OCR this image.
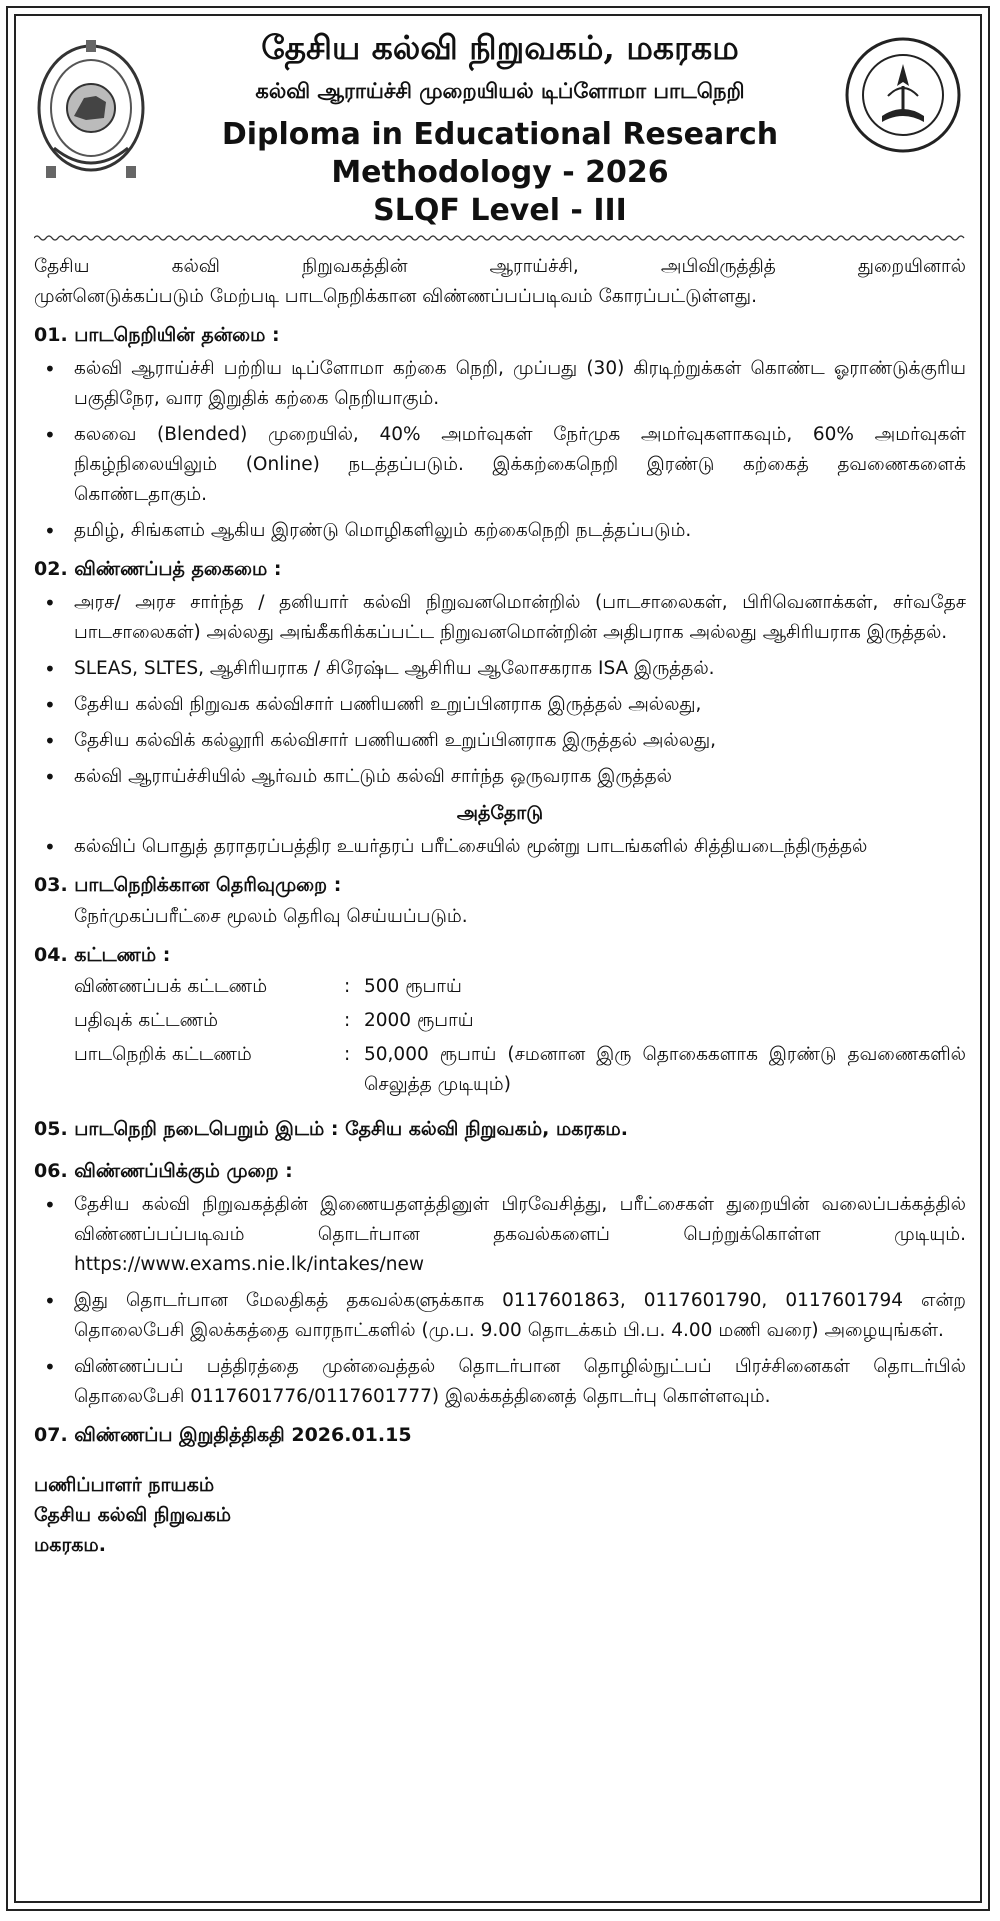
தேசிய கல்வி நிறுவகம், மகரகம
கல்வி ஆராய்ச்சி முறையியல் டிப்ளோமா பாடநெறி
Diploma in Educational Research
Methodology - 2026
SLQF Level - III

தேசிய கல்வி நிறுவகத்தின் ஆராய்ச்சி, அபிவிருத்தித் துறையினால்
முன்னெடுக்கப்படும் மேற்படி பாடநெறிக்கான விண்ணப்பப்படிவம் கோரப்பட்டுள்ளது.

01. பாடநெறியின் தன்மை :
• கல்வி ஆராய்ச்சி பற்றிய டிப்ளோமா கற்கை நெறி, முப்பது (30) கிரடிற்றுக்கள் கொண்ட ஓராண்டுக்குரிய பகுதிநேர, வார இறுதிக் கற்கை நெறியாகும்.
• கலவை (Blended) முறையில், 40% அமர்வுகள் நேர்முக அமர்வுகளாகவும், 60% அமர்வுகள் நிகழ்நிலையிலும் (Online) நடத்தப்படும். இக்கற்கைநெறி இரண்டு கற்கைத் தவணைகளைக் கொண்டதாகும்.
• தமிழ், சிங்களம் ஆகிய இரண்டு மொழிகளிலும் கற்கைநெறி நடத்தப்படும்.
02. விண்ணப்பத் தகைமை :
• அரச/ அரச சார்ந்த / தனியார் கல்வி நிறுவனமொன்றில் (பாடசாலைகள், பிரிவெனாக்கள், சர்வதேச பாடசாலைகள்) அல்லது அங்கீகரிக்கப்பட்ட நிறுவனமொன்றின் அதிபராக அல்லது ஆசிரியராக இருத்தல்.
• SLEAS, SLTES, ஆசிரியராக / சிரேஷ்ட ஆசிரிய ஆலோசகராக ISA இருத்தல்.
• தேசிய கல்வி நிறுவக கல்விசார் பணியணி உறுப்பினராக இருத்தல் அல்லது,
• தேசிய கல்விக் கல்லூரி கல்விசார் பணியணி உறுப்பினராக இருத்தல் அல்லது,
• கல்வி ஆராய்ச்சியில் ஆர்வம் காட்டும் கல்வி சார்ந்த ஒருவராக இருத்தல்
அத்தோடு
• கல்விப் பொதுத் தராதரப்பத்திர உயர்தரப் பரீட்சையில் மூன்று பாடங்களில் சித்தியடைந்திருத்தல்
03. பாடநெறிக்கான தெரிவுமுறை :

நேர்முகப்பரீட்சை மூலம் தெரிவு செய்யப்படும்.

04. கட்டணம் :
விண்ணப்பக் கட்டணம்	: 500 ரூபாய்
பதிவுக் கட்டணம்	: 2000 ரூபாய்
பாடநெறிக் கட்டணம்	: 50,000 ரூபாய் (சமனான இரு தொகைகளாக இரண்டு தவணைகளில் செலுத்த முடியும்)
05. பாடநெறி நடைபெறும் இடம் : தேசிய கல்வி நிறுவகம், மகரகம.
06. விண்ணப்பிக்கும் முறை :
• தேசிய கல்வி நிறுவகத்தின் இணையதளத்தினுள் பிரவேசித்து, பரீட்சைகள் துறையின் வலைப்பக்கத்தில் விண்ணப்பப்படிவம் தொடர்பான தகவல்களைப் பெற்றுக்கொள்ள முடியும். https://www.exams.nie.lk/intakes/new
• இது தொடர்பான மேலதிகத் தகவல்களுக்காக 0117601863, 0117601790, 0117601794 என்ற தொலைபேசி இலக்கத்தை வாரநாட்களில் (மு.ப. 9.00 தொடக்கம் பி.ப. 4.00 மணி வரை) அழையுங்கள்.
• விண்ணப்பப் பத்திரத்தை முன்வைத்தல் தொடர்பான தொழில்நுட்பப் பிரச்சினைகள் தொடர்பில் தொலைபேசி 0117601776/0117601777) இலக்கத்தினைத் தொடர்பு கொள்ளவும்.
07. விண்ணப்ப இறுதித்திகதி 2026.01.15
பணிப்பாளர் நாயகம்
தேசிய கல்வி நிறுவகம்
மகரகம.
